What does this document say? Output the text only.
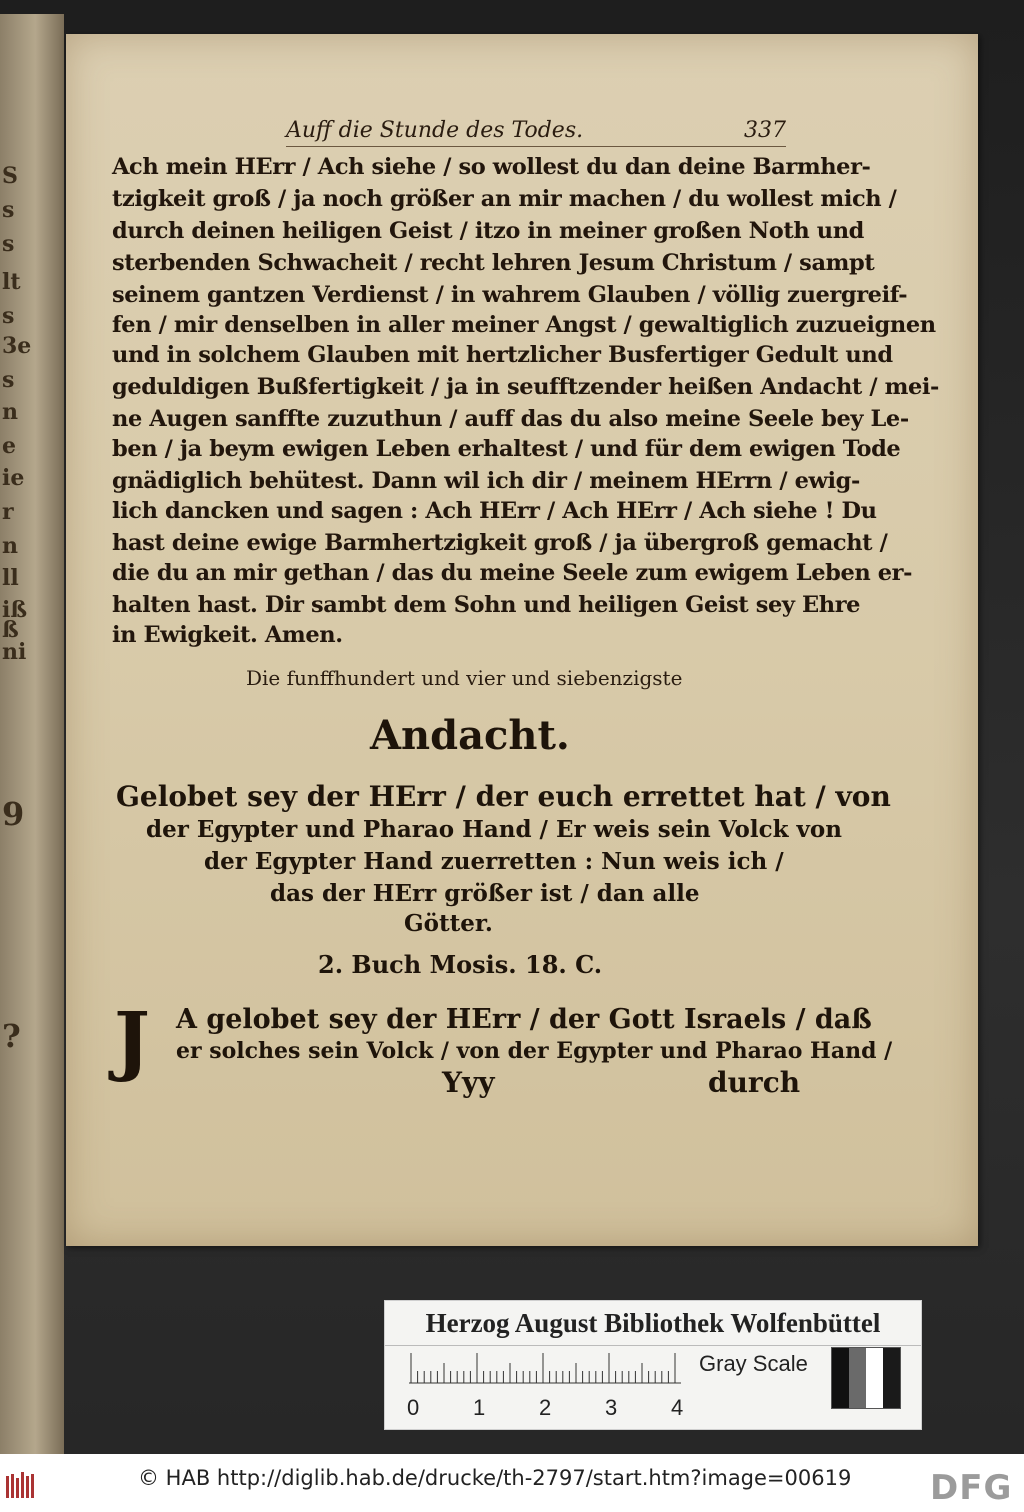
S
s
s
lt
s
3e
s
n
e
ie
r
n
ll
iß
ß
ni
9
?
Auff die Stunde des Todes.	337
Ach mein HErr / Ach siehe / so wollest du dan deine Barmher-
tzigkeit groß / ja noch größer an mir machen / du wollest mich /
durch deinen heiligen Geist / itzo in meiner großen Noth und
sterbenden Schwacheit / recht lehren Jesum Christum / sampt
seinem gantzen Verdienst / in wahrem Glauben / völlig zuergreif-
fen / mir denselben in aller meiner Angst / gewaltiglich zuzueignen
und in solchem Glauben mit hertzlicher Busfertiger Gedult und
geduldigen Bußfertigkeit / ja in seufftzender heißen Andacht / mei-
ne Augen sanffte zuzuthun / auff das du also meine Seele bey Le-
ben / ja beym ewigen Leben erhaltest / und für dem ewigen Tode
gnädiglich behütest. Dann wil ich dir / meinem HErrn / ewig-
lich dancken und sagen : Ach HErr / Ach HErr / Ach siehe ! Du
hast deine ewige Barmhertzigkeit groß / ja übergroß gemacht /
die du an mir gethan / das du meine Seele zum ewigem Leben er-
halten hast. Dir sambt dem Sohn und heiligen Geist sey Ehre
in Ewigkeit. Amen.
Die funffhundert und vier und siebenzigste
Andacht.
Gelobet sey der HErr / der euch errettet hat / von
der Egypter und Pharao Hand / Er weis sein Volck von
der Egypter Hand zuerretten : Nun weis ich /
das der HErr größer ist / dan alle
Götter.
2. Buch Mosis. 18. C.
J A gelobet sey der HErr / der Gott Israels / daß
er solches sein Volck / von der Egypter und Pharao Hand /
Yyy	durch
Herzog August Bibliothek Wolfenbüttel
0 1 2 3 4
Gray Scale
© HAB http://diglib.hab.de/drucke/th-2797/start.htm?image=00619 DFG
